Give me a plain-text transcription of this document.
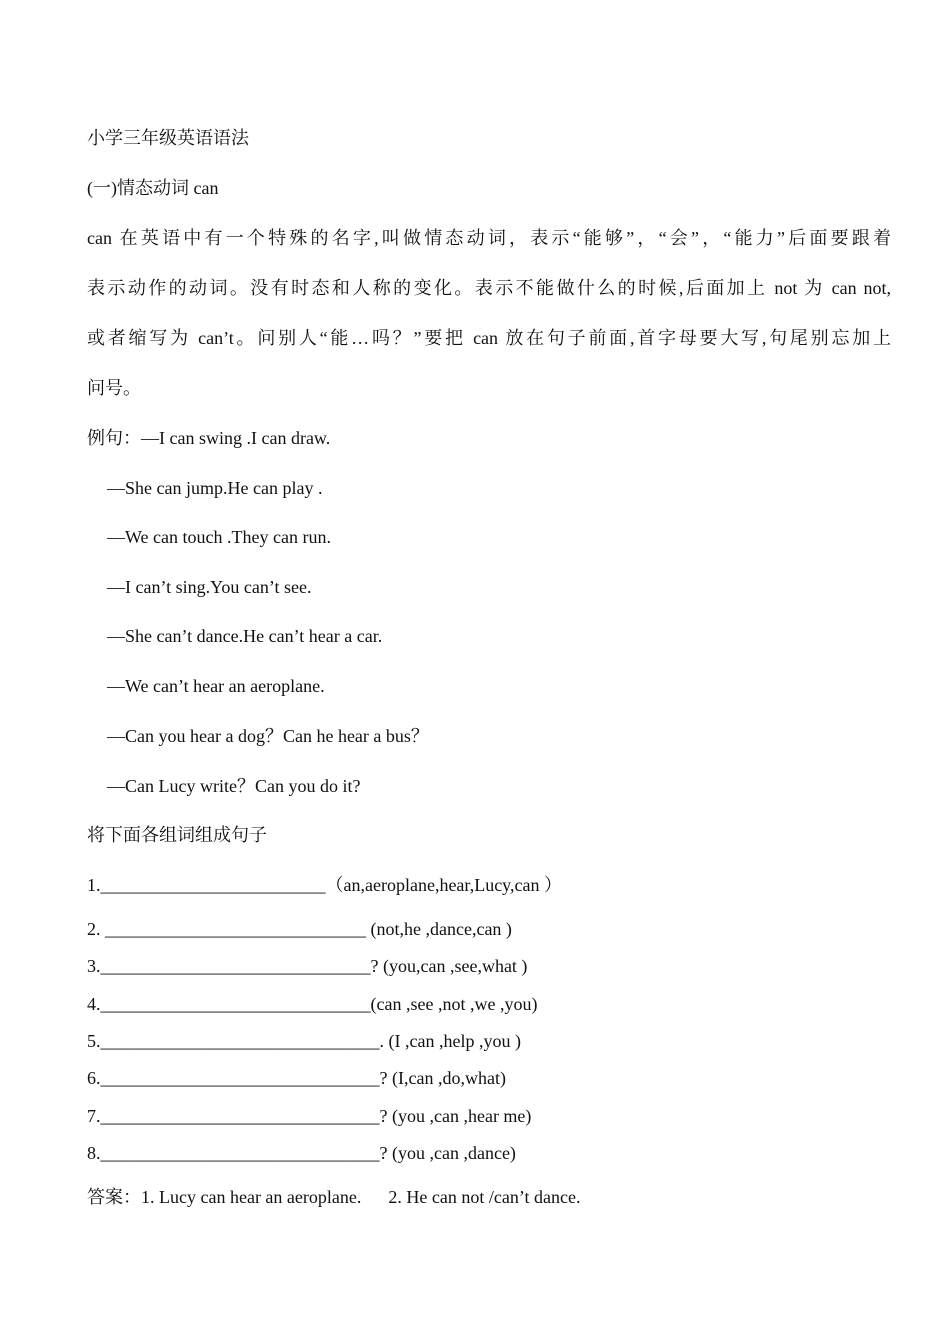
小学三年级英语语法
(一)情态动词 can
can 在英语中有一个特殊的名字,叫做情态动词，表示“能够”，“会”，“能力”后面要跟着
表示动作的动词。没有时态和人称的变化。表示不能做什么的时候,后面加上 not 为 can not,
或者缩写为 can’t。问别人“能…吗？”要把 can 放在句子前面,首字母要大写,句尾别忘加上
问号。
例句：—I can swing .I can draw.
—She can jump.He can play .
—We can touch .They can run.
—I can’t sing.You can’t see.
—She can’t dance.He can’t hear a car.
—We can’t hear an aeroplane.
—Can you hear a dog？Can he hear a bus？
—Can Lucy write？Can you do it?
将下面各组词组成句子
1._________________________（an,aeroplane,hear,Lucy,can ）
2. _____________________________ (not,he ,dance,can )
3.______________________________? (you,can ,see,what )
4.______________________________(can ,see ,not ,we ,you)
5._______________________________. (I ,can ,help ,you )
6._______________________________? (I,can ,do,what)
7._______________________________? (you ,can ,hear me)
8._______________________________? (you ,can ,dance)
答案：1. Lucy can hear an aeroplane.      2. He can not /can’t dance.
